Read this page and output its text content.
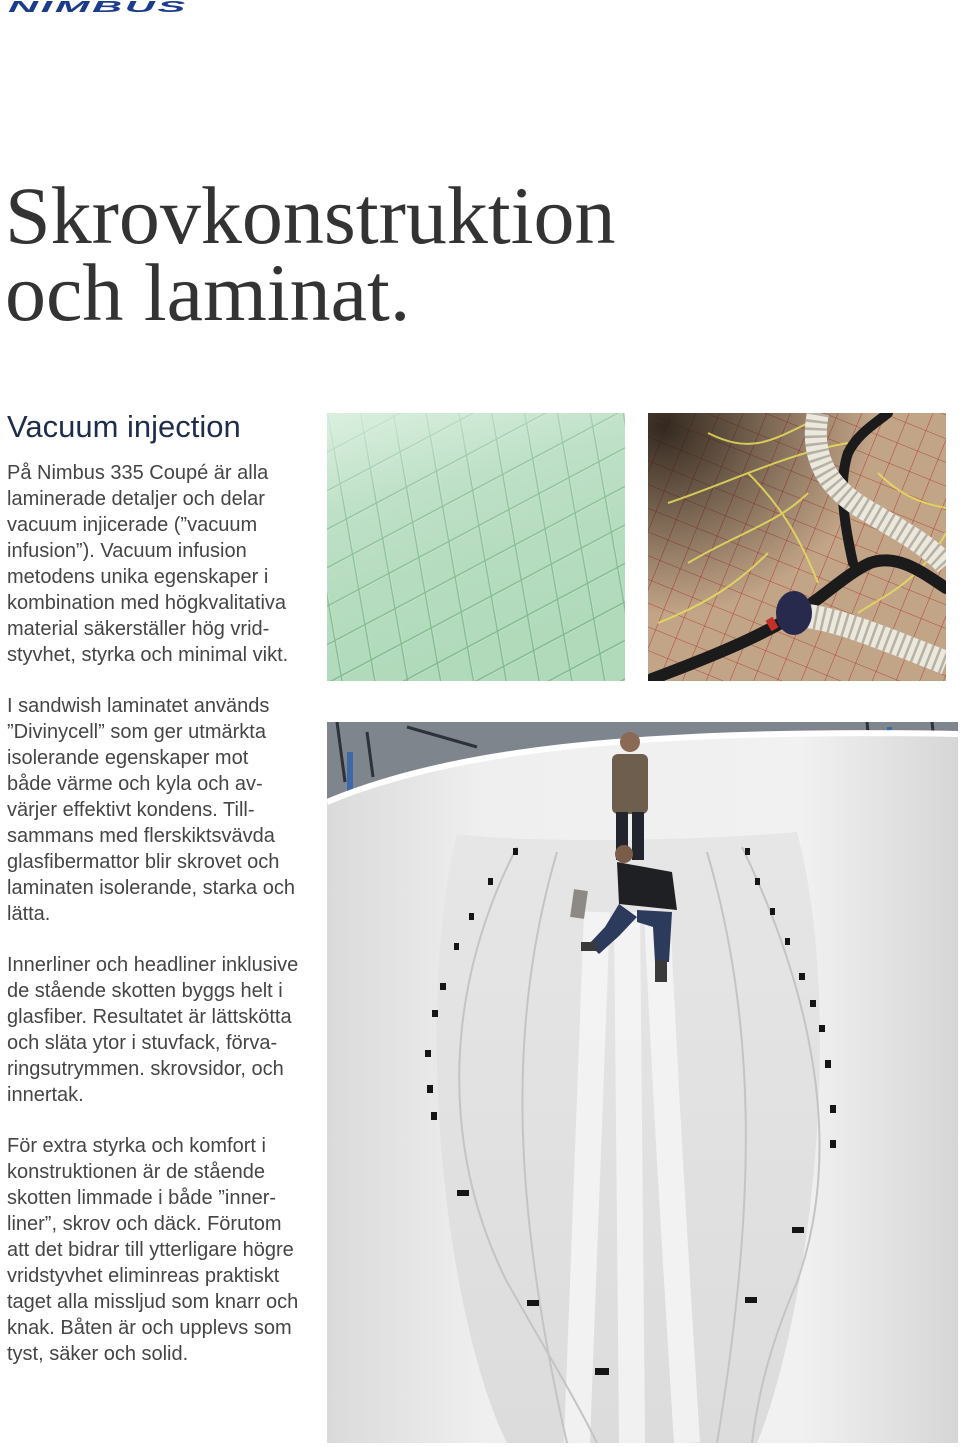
NIMBUS
Skrovkonstruktion
och laminat.
Vacuum injection
På Nimbus 335 Coupé är alla
laminerade detaljer och delar
vacuum injicerade (”vacuum
infusion”). Vacuum infusion
metodens unika egenskaper i
kombination med högkvalitativa
material säkerställer hög vrid-
styvhet, styrka och minimal vikt.
I sandwish laminatet används
”Divinycell” som ger utmärkta
isolerande egenskaper mot
både värme och kyla och av-
värjer effektivt kondens. Till-
sammans med flerskiktsvävda
glasfibermattor blir skrovet och
laminaten isolerande, starka och
lätta.
Innerliner och headliner inklusive
de stående skotten byggs helt i
glasfiber. Resultatet är lättskötta
och släta ytor i stuvfack, förva-
ringsutrymmen. skrovsidor, och
innertak.
För extra styrka och komfort i
konstruktionen är de stående
skotten limmade i både ”inner-
liner”, skrov och däck. Förutom
att det bidrar till ytterligare högre
vridstyvhet eliminreas praktiskt
taget alla missljud som knarr och
knak. Båten är och upplevs som
tyst, säker och solid.
